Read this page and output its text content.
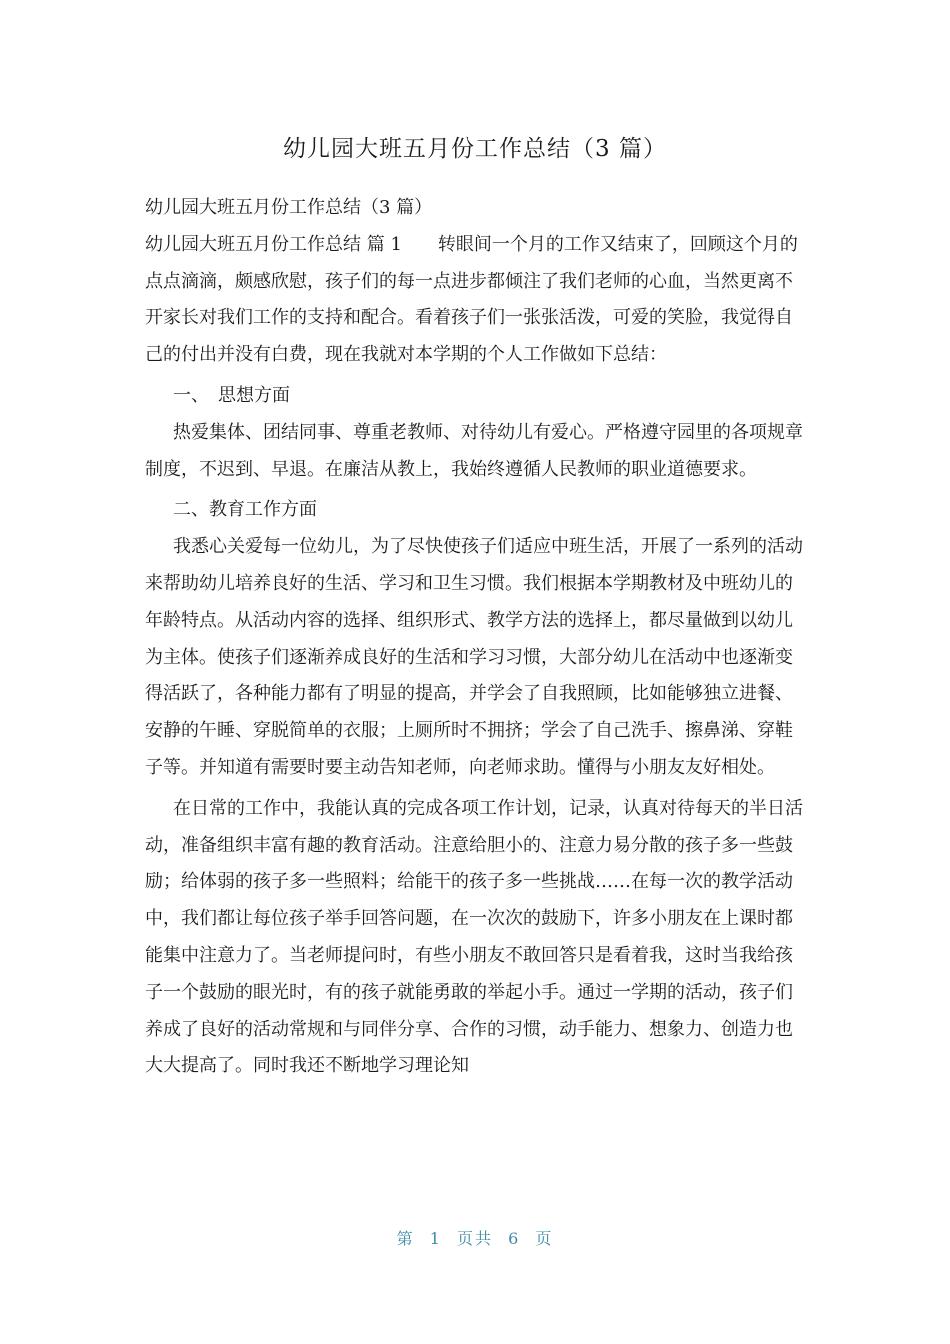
幼儿园大班五月份工作总结（3 篇）

幼儿园大班五月份工作总结（3 篇）

幼儿园大班五月份工作总结 篇 1　　转眼间一个月的工作又结束了，回顾这个月的点点滴滴，颇感欣慰，孩子们的每一点进步都倾注了我们老师的心血，当然更离不开家长对我们工作的支持和配合。看着孩子们一张张活泼，可爱的笑脸，我觉得自己的付出并没有白费，现在我就对本学期的个人工作做如下总结：

一、　思想方面

热爱集体、团结同事、尊重老教师、对待幼儿有爱心。严格遵守园里的各项规章制度，不迟到、早退。在廉洁从教上，我始终遵循人民教师的职业道德要求。

二、教育工作方面

我悉心关爱每一位幼儿，为了尽快使孩子们适应中班生活，开展了一系列的活动来帮助幼儿培养良好的生活、学习和卫生习惯。我们根据本学期教材及中班幼儿的年龄特点。从活动内容的选择、组织形式、教学方法的选择上，都尽量做到以幼儿为主体。使孩子们逐渐养成良好的生活和学习习惯，大部分幼儿在活动中也逐渐变得活跃了，各种能力都有了明显的提高，并学会了自我照顾，比如能够独立进餐、安静的午睡、穿脱简单的衣服；上厕所时不拥挤；学会了自己洗手、擦鼻涕、穿鞋子等。并知道有需要时要主动告知老师，向老师求助。懂得与小朋友友好相处。

在日常的工作中，我能认真的完成各项工作计划，记录，认真对待每天的半日活动，准备组织丰富有趣的教育活动。注意给胆小的、注意力易分散的孩子多一些鼓励；给体弱的孩子多一些照料；给能干的孩子多一些挑战……在每一次的教学活动中，我们都让每位孩子举手回答问题，在一次次的鼓励下，许多小朋友在上课时都能集中注意力了。当老师提问时，有些小朋友不敢回答只是看着我，这时当我给孩子一个鼓励的眼光时，有的孩子就能勇敢的举起小手。通过一学期的活动，孩子们养成了良好的活动常规和与同伴分享、合作的习惯，动手能力、想象力、创造力也大大提高了。同时我还不断地学习理论知

第 1 页共 6 页
